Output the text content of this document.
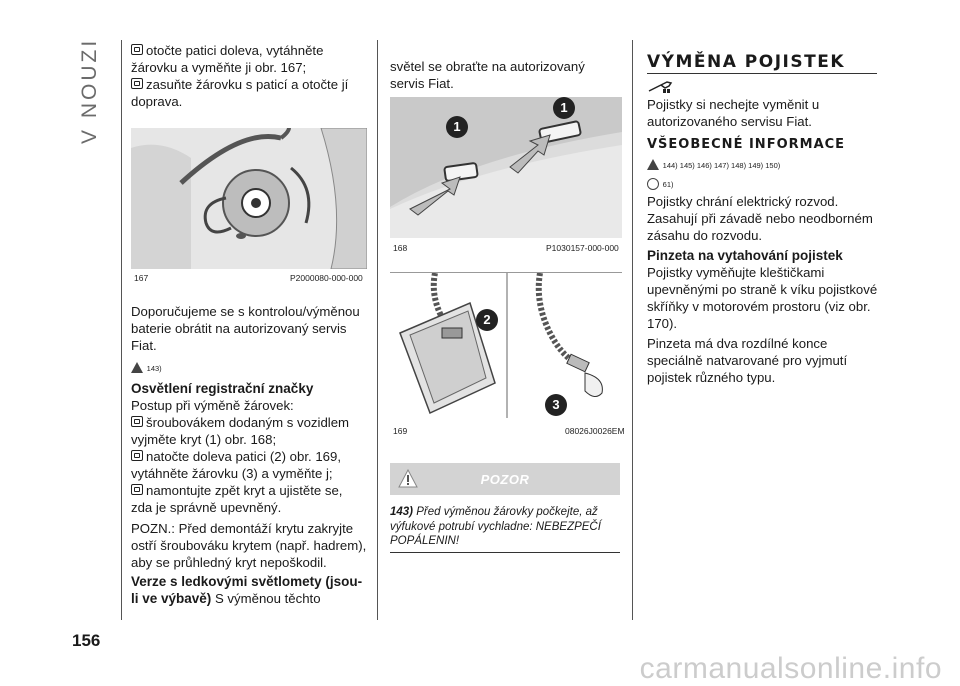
V NOUZI
156

otočte patici doleva, vytáhněte žárovku a vyměňte ji obr. 167;

zasuňte žárovku s paticí a otočte jí doprava.

167	P2000080-000-000

Doporučujeme se s kontrolou/výměnou baterie obrátit na autorizovaný servis Fiat.

143)

Osvětlení registrační značky

Postup při výměně žárovek:

šroubovákem dodaným s vozidlem vyjměte kryt (1) obr. 168;

natočte doleva patici (2) obr. 169, vytáhněte žárovku (3) a vyměňte j;

namontujte zpět kryt a ujistěte se, zda je správně upevněný.

POZN.: Před demontáží krytu zakryjte ostří šroubováku krytem (např. hadrem), aby se průhledný kryt nepoškodil.

Verze s ledkovými světlomety (jsou-li ve výbavě) S výměnou těchto

světel se obraťte na autorizovaný servis Fiat.

1
1
168	P1030157-000-000
2
3
169	08026J0026EM
POZOR
143) Před výměnou žárovky počkejte, až výfukové potrubí vychladne: NEBEZPEČÍ POPÁLENIN!

VÝMĚNA POJISTEK

Pojistky si nechejte vyměnit u autorizovaného servisu Fiat.

VŠEOBECNÉ INFORMACE

144) 145) 146) 147) 148) 149) 150)

61)

Pojistky chrání elektrický rozvod. Zasahují při závadě nebo neodborném zásahu do rozvodu.

Pinzeta na vytahování pojistek

Pojistky vyměňujte kleštičkami upevněnými po straně k víku pojistkové skříňky v motorovém prostoru (viz obr. 170).

Pinzeta má dva rozdílné konce speciálně natvarované pro vyjmutí pojistek různého typu.

carmanualsonline.info
